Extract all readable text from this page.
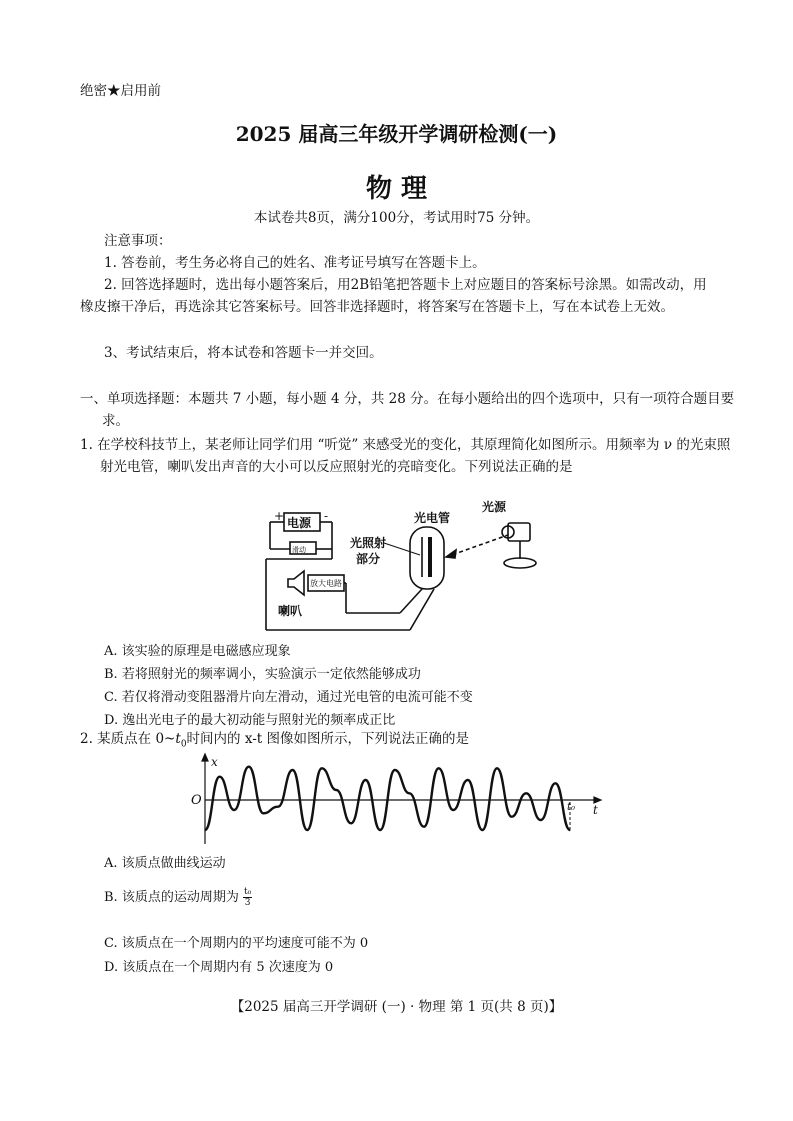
绝密★启用前
2025 届高三年级开学调研检测(一)
物 理
本试卷共8页，满分100分，考试用时75 分钟。
注意事项：
1. 答卷前，考生务必将自己的姓名、准考证号填写在答题卡上。
2. 回答选择题时，选出每小题答案后，用2B铅笔把答题卡上对应题目的答案标号涂黑。如需改动，用橡皮擦干净后，再选涂其它答案标号。回答非选择题时，将答案写在答题卡上，写在本试卷上无效。
3、考试结束后，将本试卷和答题卡一并交回。
一、单项选择题：本题共 7 小题，每小题 4 分，共 28 分。在每小题给出的四个选项中，只有一项符合题目要求。
1. 在学校科技节上，某老师让同学们用 “听觉” 来感受光的变化，其原理简化如图所示。用频率为 ν 的光束照射光电管，喇叭发出声音的大小可以反应照射光的亮暗变化。下列说法正确的是
+	-
电源
滑动
放大电路
喇叭
光电管
光源
光照射
部分
A. 该实验的原理是电磁感应现象
B. 若将照射光的频率调小，实验演示一定依然能够成功
C. 若仅将滑动变阻器滑片向左滑动，通过光电管的电流可能不变
D. 逸出光电子的最大初动能与照射光的频率成正比
2. 某质点在 $0\sim t_0$时间内的 x-t 图像如图所示，下列说法正确的是
x
t
O	t₀
A. 该质点做曲线运动
B. 该质点的运动周期为 $\frac{\text{t₀}}{3}$
C. 该质点在一个周期内的平均速度可能不为 0
D. 该质点在一个周期内有 5 次速度为 0
【2025 届高三开学调研 (一) · 物理 第 1 页(共 8 页)】
